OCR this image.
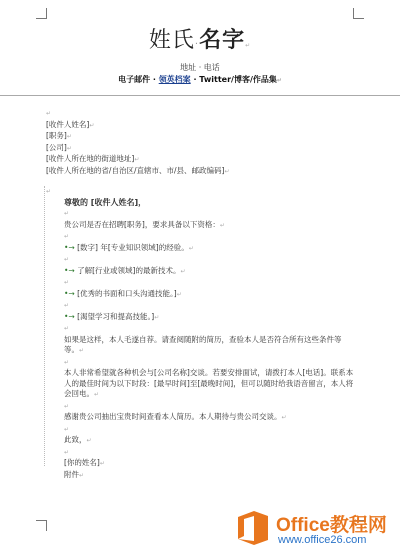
姓氏·名字↵
地址 · 电话
电子邮件 · 领英档案 · Twitter/博客/作品集↵

↵

[收件人姓名]↵

[职务]↵

[公司]↵

[收件人所在地的街道地址]↵

[收件人所在地的省/自治区/直辖市、市/县、邮政编码]↵

↵

尊敬的 [收件人姓名]，

↵

贵公司是否在招聘[职务]，要求具备以下资格：↵

↵

•→ [数字] 年[专业知识领域]的经验。↵

↵

•→ 了解[行业或领域]的最新技术。↵

↵

•→ [优秀的书面和口头沟通技能。]↵

↵

•→ [渴望学习和提高技能。]↵

↵

如果是这样，本人毛遂自荐。请查阅随附的简历，查验本人是否符合所有这些条件等等。↵

↵

本人非常希望就各种机会与[公司名称]交谈。若要安排面试，请拨打本人[电话]。联系本人的最佳时间为以下时段：[最早时间]至[最晚时间]，但可以随时给我语音留言，本人将会回电。↵

↵

感谢贵公司抽出宝贵时间查看本人简历。本人期待与贵公司交谈。↵

↵

此致，↵

↵

[你的姓名]↵

附件↵

Office教程网
www.office26.com
